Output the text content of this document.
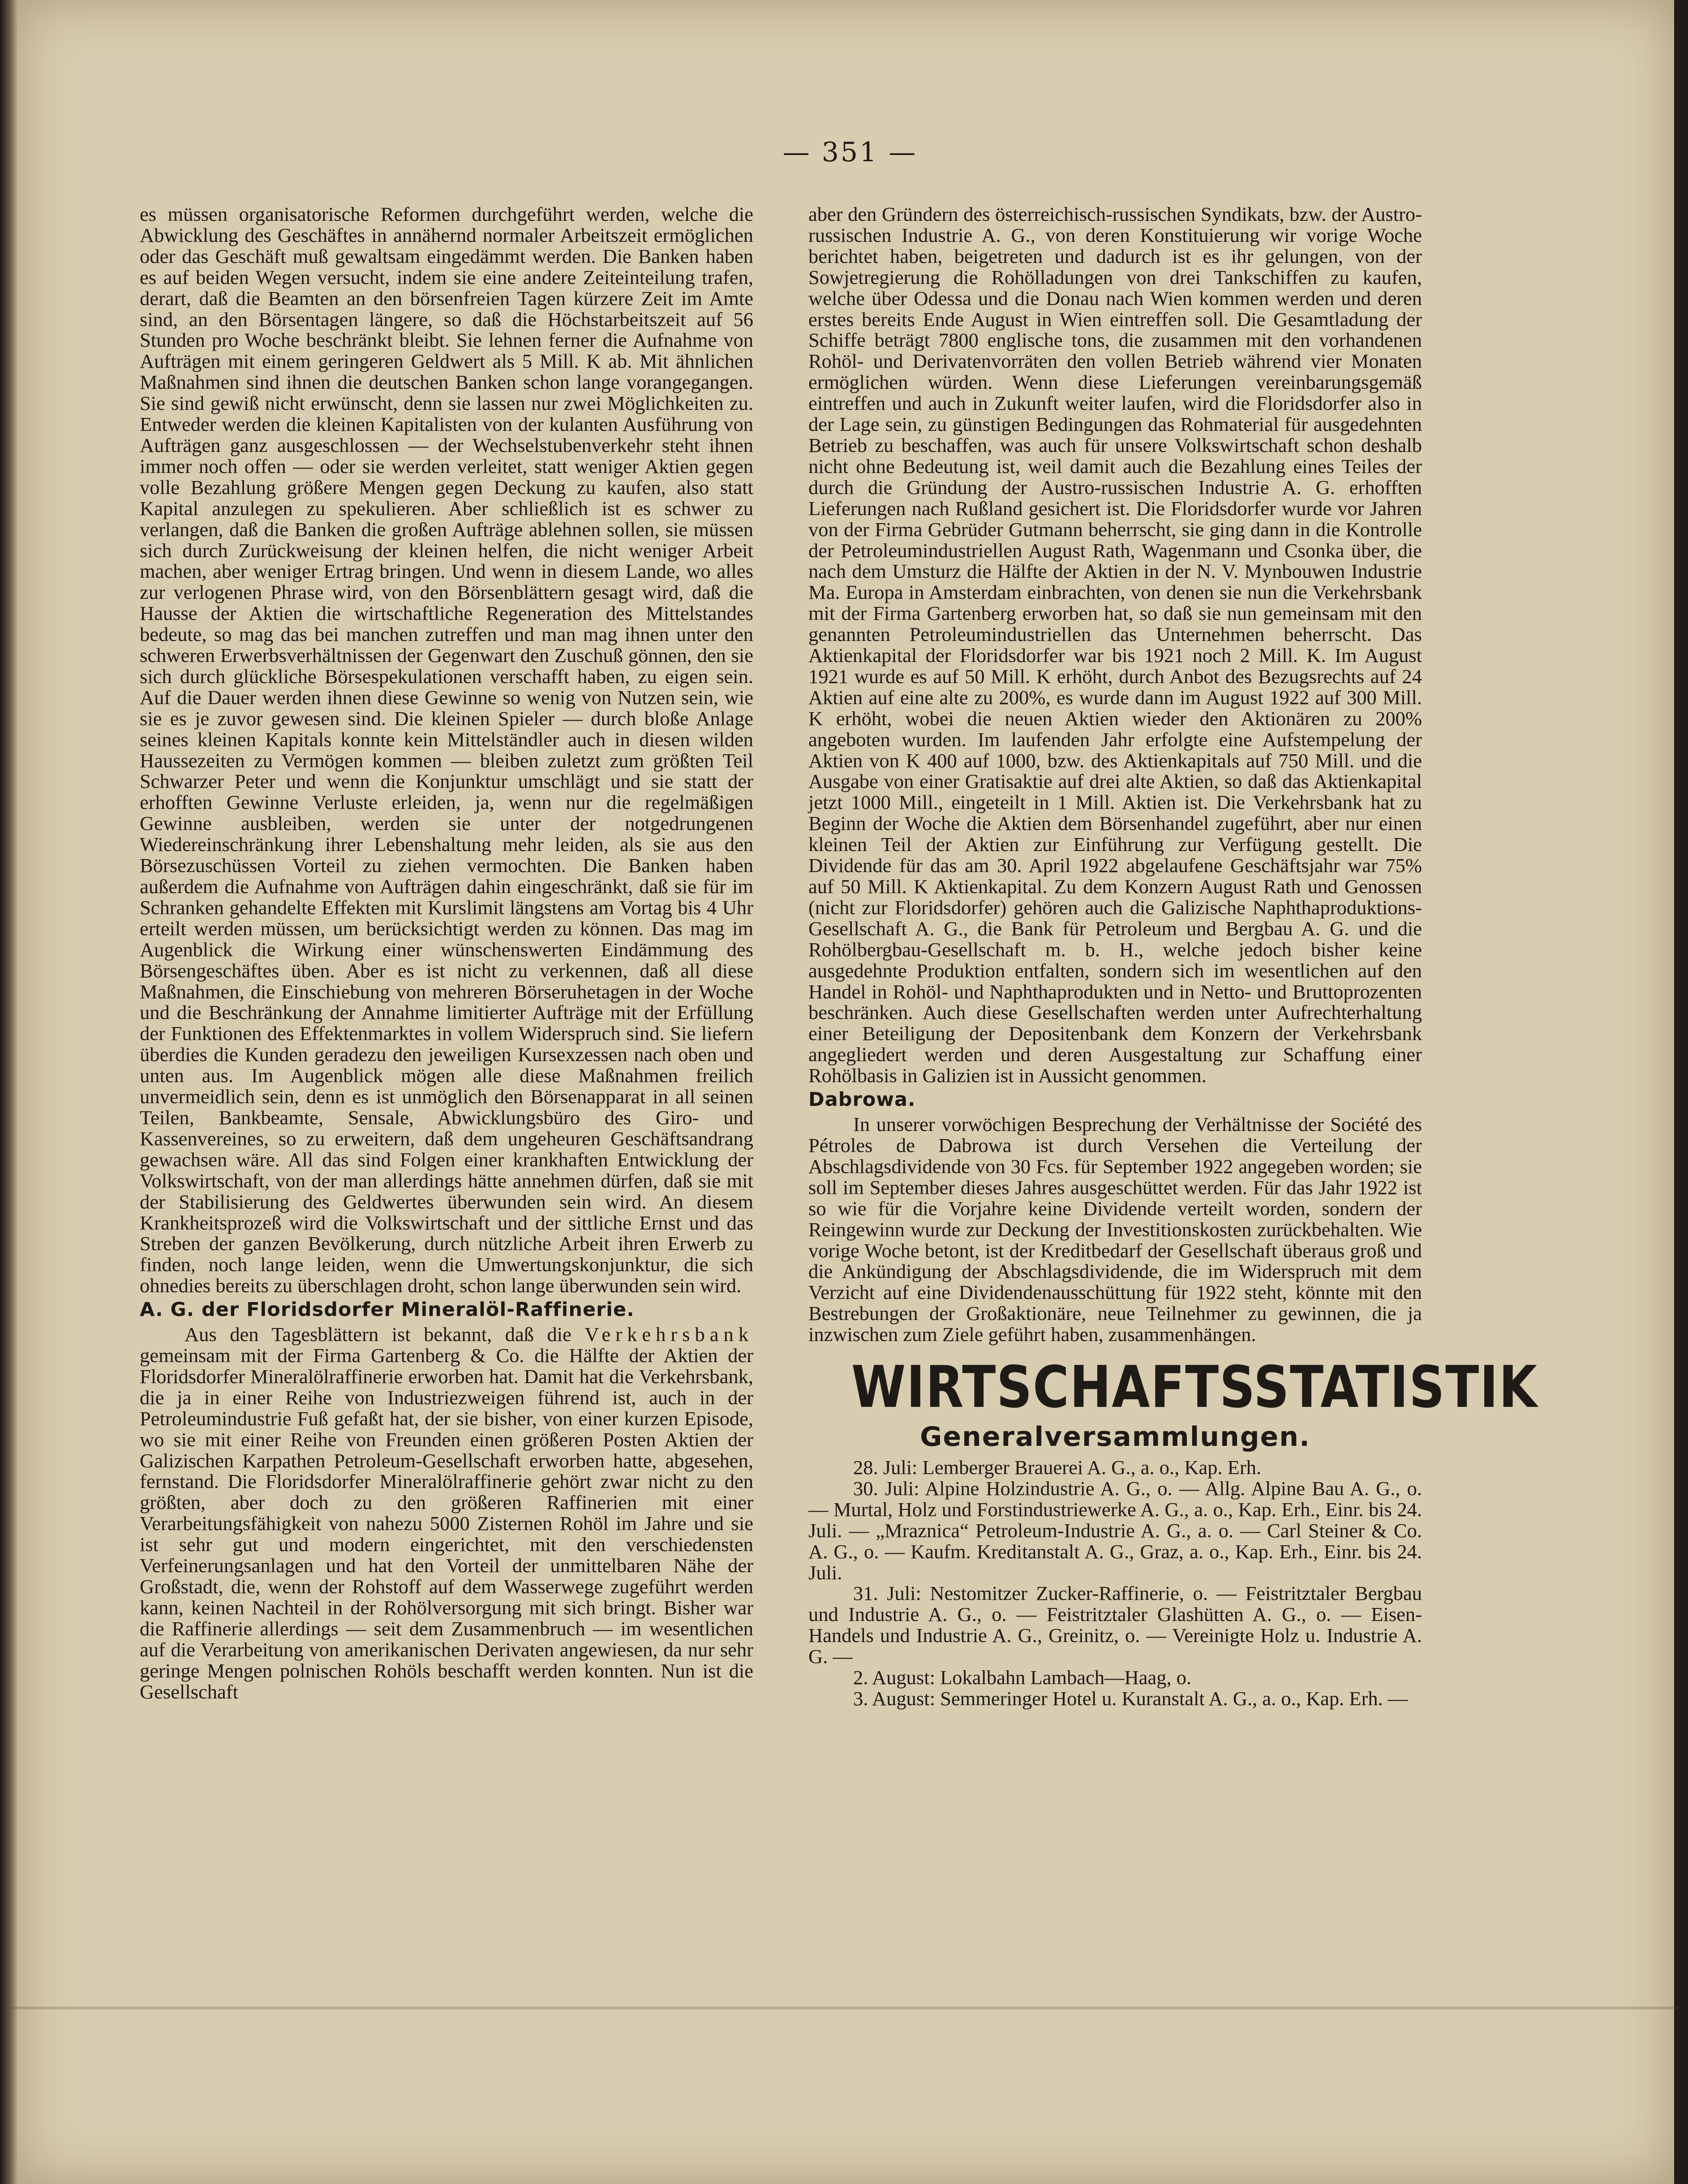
— 351 —

es müssen organisatorische Reformen durchgeführt werden, welche die Abwicklung des Geschäftes in annähernd normaler Arbeitszeit ermöglichen oder das Geschäft muß gewaltsam eingedämmt werden. Die Banken haben es auf beiden Wegen versucht, indem sie eine andere Zeiteinteilung trafen, derart, daß die Beamten an den börsenfreien Tagen kürzere Zeit im Amte sind, an den Börsentagen längere, so daß die Höchstarbeitszeit auf 56 Stunden pro Woche beschränkt bleibt. Sie lehnen ferner die Aufnahme von Aufträgen mit einem geringeren Geldwert als 5 Mill. K ab. Mit ähnlichen Maßnahmen sind ihnen die deutschen Banken schon lange vorangegangen. Sie sind gewiß nicht erwünscht, denn sie lassen nur zwei Möglichkeiten zu. Entweder werden die kleinen Kapitalisten von der kulanten Ausführung von Aufträgen ganz ausgeschlossen — der Wechselstubenverkehr steht ihnen immer noch offen — oder sie werden verleitet, statt weniger Aktien gegen volle Bezahlung größere Mengen gegen Deckung zu kaufen, also statt Kapital anzulegen zu spekulieren. Aber schließlich ist es schwer zu verlangen, daß die Banken die großen Aufträge ablehnen sollen, sie müssen sich durch Zurückweisung der kleinen helfen, die nicht weniger Arbeit machen, aber weniger Ertrag bringen. Und wenn in diesem Lande, wo alles zur verlogenen Phrase wird, von den Börsenblättern gesagt wird, daß die Hausse der Aktien die wirtschaftliche Regeneration des Mittelstandes bedeute, so mag das bei manchen zutreffen und man mag ihnen unter den schweren Erwerbsverhältnissen der Gegenwart den Zuschuß gönnen, den sie sich durch glückliche Börsespekulationen verschafft haben, zu eigen sein. Auf die Dauer werden ihnen diese Gewinne so wenig von Nutzen sein, wie sie es je zuvor gewesen sind. Die kleinen Spieler — durch bloße Anlage seines kleinen Kapitals konnte kein Mittelständler auch in diesen wilden Haussezeiten zu Vermögen kommen — bleiben zuletzt zum größten Teil Schwarzer Peter und wenn die Konjunktur umschlägt und sie statt der erhofften Gewinne Verluste erleiden, ja, wenn nur die regelmäßigen Gewinne ausbleiben, werden sie unter der notgedrungenen Wiedereinschränkung ihrer Lebenshaltung mehr leiden, als sie aus den Börsezuschüssen Vorteil zu ziehen vermochten. Die Banken haben außerdem die Aufnahme von Aufträgen dahin eingeschränkt, daß sie für im Schranken gehandelte Effekten mit Kurslimit längstens am Vortag bis 4 Uhr erteilt werden müssen, um berücksichtigt werden zu können. Das mag im Augenblick die Wirkung einer wünschenswerten Eindämmung des Börsengeschäftes üben. Aber es ist nicht zu verkennen, daß all diese Maßnahmen, die Einschiebung von mehreren Börseruhetagen in der Woche und die Beschränkung der Annahme limitierter Aufträge mit der Erfüllung der Funktionen des Effektenmarktes in vollem Widerspruch sind. Sie liefern überdies die Kunden geradezu den jeweiligen Kursexzessen nach oben und unten aus. Im Augenblick mögen alle diese Maßnahmen freilich unvermeidlich sein, denn es ist unmöglich den Börsenapparat in all seinen Teilen, Bankbeamte, Sensale, Abwicklungsbüro des Giro- und Kassenvereines, so zu erweitern, daß dem ungeheuren Geschäftsandrang gewachsen wäre. All das sind Folgen einer krankhaften Entwicklung der Volkswirtschaft, von der man allerdings hätte annehmen dürfen, daß sie mit der Stabilisierung des Geldwertes überwunden sein wird. An diesem Krankheitsprozeß wird die Volkswirtschaft und der sittliche Ernst und das Streben der ganzen Bevölkerung, durch nützliche Arbeit ihren Erwerb zu finden, noch lange leiden, wenn die Umwertungskonjunktur, die sich ohnedies bereits zu überschlagen droht, schon lange überwunden sein wird.

A. G. der Floridsdorfer Mineralöl-Raffinerie.

Aus den Tagesblättern ist bekannt, daß die Verkehrsbank gemeinsam mit der Firma Gartenberg & Co. die Hälfte der Aktien der Floridsdorfer Mineralölraffinerie erworben hat. Damit hat die Verkehrsbank, die ja in einer Reihe von Industriezweigen führend ist, auch in der Petroleumindustrie Fuß gefaßt hat, der sie bisher, von einer kurzen Episode, wo sie mit einer Reihe von Freunden einen größeren Posten Aktien der Galizischen Karpathen Petroleum-Gesellschaft erworben hatte, abgesehen, fernstand. Die Floridsdorfer Mineralölraffinerie gehört zwar nicht zu den größten, aber doch zu den größeren Raffinerien mit einer Verarbeitungsfähigkeit von nahezu 5000 Zisternen Rohöl im Jahre und sie ist sehr gut und modern eingerichtet, mit den verschiedensten Verfeinerungsanlagen und hat den Vorteil der unmittelbaren Nähe der Großstadt, die, wenn der Rohstoff auf dem Wasserwege zugeführt werden kann, keinen Nachteil in der Rohölversorgung mit sich bringt. Bisher war die Raffinerie allerdings — seit dem Zusammenbruch — im wesentlichen auf die Verarbeitung von amerikanischen Derivaten angewiesen, da nur sehr geringe Mengen polnischen Rohöls beschafft werden konnten. Nun ist die Gesellschaft

aber den Gründern des österreichisch-russischen Syndikats, bzw. der Austro-russischen Industrie A. G., von deren Konstituierung wir vorige Woche berichtet haben, beigetreten und dadurch ist es ihr gelungen, von der Sowjetregierung die Rohölladungen von drei Tankschiffen zu kaufen, welche über Odessa und die Donau nach Wien kommen werden und deren erstes bereits Ende August in Wien eintreffen soll. Die Gesamtladung der Schiffe beträgt 7800 englische tons, die zusammen mit den vorhandenen Rohöl- und Derivatenvorräten den vollen Betrieb während vier Monaten ermöglichen würden. Wenn diese Lieferungen vereinbarungsgemäß eintreffen und auch in Zukunft weiter laufen, wird die Floridsdorfer also in der Lage sein, zu günstigen Bedingungen das Rohmaterial für ausgedehnten Betrieb zu beschaffen, was auch für unsere Volkswirtschaft schon deshalb nicht ohne Bedeutung ist, weil damit auch die Bezahlung eines Teiles der durch die Gründung der Austro-russischen Industrie A. G. erhofften Lieferungen nach Rußland gesichert ist. Die Floridsdorfer wurde vor Jahren von der Firma Gebrüder Gutmann beherrscht, sie ging dann in die Kontrolle der Petroleumindustriellen August Rath, Wagenmann und Csonka über, die nach dem Umsturz die Hälfte der Aktien in der N. V. Mynbouwen Industrie Ma. Europa in Amsterdam einbrachten, von denen sie nun die Verkehrsbank mit der Firma Gartenberg erworben hat, so daß sie nun gemeinsam mit den genannten Petroleumindustriellen das Unternehmen beherrscht. Das Aktienkapital der Floridsdorfer war bis 1921 noch 2 Mill. K. Im August 1921 wurde es auf 50 Mill. K erhöht, durch Anbot des Bezugsrechts auf 24 Aktien auf eine alte zu 200%, es wurde dann im August 1922 auf 300 Mill. K erhöht, wobei die neuen Aktien wieder den Aktionären zu 200% angeboten wurden. Im laufenden Jahr erfolgte eine Aufstempelung der Aktien von K 400 auf 1000, bzw. des Aktienkapitals auf 750 Mill. und die Ausgabe von einer Gratisaktie auf drei alte Aktien, so daß das Aktienkapital jetzt 1000 Mill., eingeteilt in 1 Mill. Aktien ist. Die Verkehrsbank hat zu Beginn der Woche die Aktien dem Börsenhandel zugeführt, aber nur einen kleinen Teil der Aktien zur Einführung zur Verfügung gestellt. Die Dividende für das am 30. April 1922 abgelaufene Geschäftsjahr war 75% auf 50 Mill. K Aktienkapital. Zu dem Konzern August Rath und Genossen (nicht zur Floridsdorfer) gehören auch die Galizische Naphthaproduktions-Gesellschaft A. G., die Bank für Petroleum und Bergbau A. G. und die Rohölbergbau-Gesellschaft m. b. H., welche jedoch bisher keine ausgedehnte Produktion entfalten, sondern sich im wesentlichen auf den Handel in Rohöl- und Naphthaprodukten und in Netto- und Bruttoprozenten beschränken. Auch diese Gesellschaften werden unter Aufrechterhaltung einer Beteiligung der Depositenbank dem Konzern der Verkehrsbank angegliedert werden und deren Ausgestaltung zur Schaffung einer Rohölbasis in Galizien ist in Aussicht genommen.

Dabrowa.

In unserer vorwöchigen Besprechung der Verhältnisse der Société des Pétroles de Dabrowa ist durch Versehen die Verteilung der Abschlagsdividende von 30 Fcs. für September 1922 angegeben worden; sie soll im September dieses Jahres ausgeschüttet werden. Für das Jahr 1922 ist so wie für die Vorjahre keine Dividende verteilt worden, sondern der Reingewinn wurde zur Deckung der Investitionskosten zurückbehalten. Wie vorige Woche betont, ist der Kreditbedarf der Gesellschaft überaus groß und die Ankündigung der Abschlagsdividende, die im Widerspruch mit dem Verzicht auf eine Dividendenausschüttung für 1922 steht, könnte mit den Bestrebungen der Großaktionäre, neue Teilnehmer zu gewinnen, die ja inzwischen zum Ziele geführt haben, zusammenhängen.

WIRTSCHAFTSSTATISTIK
Generalversammlungen.

28. Juli: Lemberger Brauerei A. G., a. o., Kap. Erh.

30. Juli: Alpine Holzindustrie A. G., o. — Allg. Alpine Bau A. G., o. — Murtal, Holz und Forstindustriewerke A. G., a. o., Kap. Erh., Einr. bis 24. Juli. — „Mraznica“ Petroleum-Industrie A. G., a. o. — Carl Steiner & Co. A. G., o. — Kaufm. Kreditanstalt A. G., Graz, a. o., Kap. Erh., Einr. bis 24. Juli.

31. Juli: Nestomitzer Zucker-Raffinerie, o. — Feistritztaler Bergbau und Industrie A. G., o. — Feistritztaler Glashütten A. G., o. — Eisen-Handels und Industrie A. G., Greinitz, o. — Vereinigte Holz u. Industrie A. G. —

2. August: Lokalbahn Lambach—Haag, o.

3. August: Semmeringer Hotel u. Kuranstalt A. G., a. o., Kap. Erh. —
